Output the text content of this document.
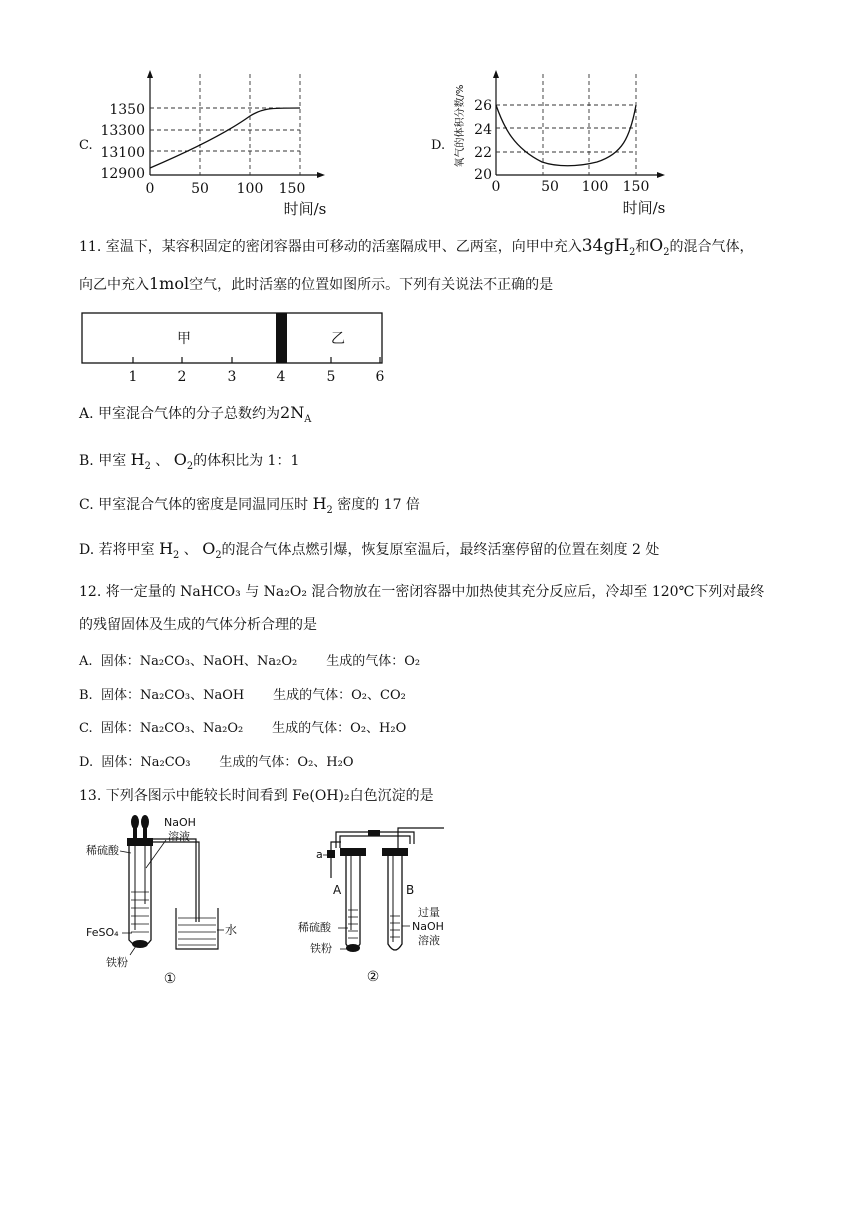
C.
1350
13300
13100
12900
0	50 100 150
时间/s
D. 氧气的体积分数/% 26
24
22
20
0	50 100 150
时间/s
11. 室温下，某容积固定的密闭容器由可移动的活塞隔成甲、乙两室，向甲中充入$34gH_2$和$O_2$的混合气体，
向乙中充入1mol空气，此时活塞的位置如图所示。下列有关说法不正确的是
甲	乙
1	2	3	4	5	6
A. 甲室混合气体的分子总数约为$2N_A$
B. 甲室 $H_2$ 、 $O_2$的体积比为 1：1
C. 甲室混合气体的密度是同温同压时 $H_2$ 密度的 17 倍
D. 若将甲室 $H_2$ 、 $O_2$的混合气体点燃引爆，恢复原室温后，最终活塞停留的位置在刻度 2 处
12. 将一定量的 NaHCO₃ 与 Na₂O₂ 混合物放在一密闭容器中加热使其充分反应后，冷却至 120℃下列对最终
的残留固体及生成的气体分析合理的是
A.  固体：Na₂CO₃、NaOH、Na₂O₂       生成的气体：O₂
B.  固体：Na₂CO₃、NaOH       生成的气体：O₂、CO₂
C.  固体：Na₂CO₃、Na₂O₂       生成的气体：O₂、H₂O
D.  固体：Na₂CO₃       生成的气体：O₂、H₂O
13. 下列各图示中能较长时间看到 Fe(OH)₂白色沉淀的是
稀硫酸
NaOH
溶液
FeSO₄	水
铁粉
①
a
A	B
稀硫酸
铁粉
过量
NaOH
溶液
②
